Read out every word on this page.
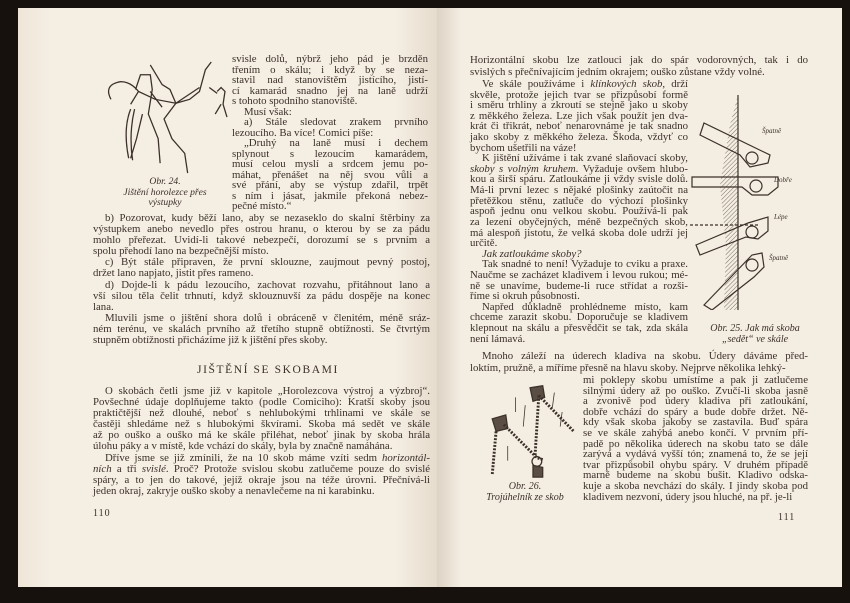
Obr. 24.
Jištění horolezce přes
výstupky
svisle dolů, nýbrž jeho pád je brzděn
třením o skálu; i když by se neza-
stavil nad stanovištěm jistícího, jistí-
cí kamarád snadno jej na laně udrží
s tohoto spodního stanoviště.
Musí však:
a) Stále sledovat zrakem prvního
lezoucího. Ba více! Comici píše:
„Druhý na laně musí i dechem
splynout s lezoucím kamarádem,
musí celou myslí a srdcem jemu po-
máhat, přenášet na něj svou vůli a
své přání, aby se výstup zdařil, trpět
s ním i jásat, jakmile překoná nebez-
pečné místo.“
b) Pozorovat, kudy běží lano, aby se nezaseklo do skalní štěrbiny za
výstupkem anebo nevedlo přes ostrou hranu, o kterou by se za pádu
mohlo přeřezat. Uvidí-li takové nebezpečí, dorozumí se s prvním a
spolu přehodí lano na bezpečnější místo.
c) Být stále připraven, že první sklouzne, zaujmout pevný postoj,
držet lano napjato, jistit přes rameno.
d) Dojde-li k pádu lezoucího, zachovat rozvahu, přitáhnout lano a
vší silou těla čelit trhnutí, když sklouznuvší za pádu dospěje na konec
lana.
Mluvili jsme o jištění shora dolů i obráceně v členitém, méně sráz-
ném terénu, ve skalách prvního až třetího stupně obtížnosti. Se čtvrtým
stupněm obtížnosti přicházíme již k jištění přes skoby.
JIŠTĚNÍ SE SKOBAMI
O skobách četli jsme již v kapitole „Horolezcova výstroj a výzbroj“.
Povšechné údaje doplňujeme takto (podle Comiciho): Kratší skoby jsou
praktičtější než dlouhé, neboť s nehlubokými trhlinami ve skále se
častěji shledáme než s hlubokými škvírami. Skoba má sedět ve skále
až po ouško a ouško má ke skále přiléhat, neboť jinak by skoba hrála
úlohu páky a v místě, kde vchází do skály, byla by značně namáhána.
Dříve jsme se již zmínili, že na 10 skob máme vzíti sedm horizontál-
ních a tři svislé. Proč? Protože svislou skobu zatlučeme pouze do svislé
spáry, a to jen do takové, jejíž okraje jsou na téže úrovni. Přečnívá-li
jeden okraj, zakryje ouško skoby a nenavlečeme na ni karabinku.
110
Horizontální skobu lze zatlouci jak do spár vodorovných, tak i do
svislých s přečnívajícím jedním okrajem; ouško zůstane vždy volné.
Ve skále používáme i klínkových skob, drží
skvěle, protože jejich tvar se přizpůsobí formě
i směru trhliny a zkroutí se stejně jako u skoby
z měkkého železa. Lze jich však použít jen dva-
krát či třikrát, neboť nenarovnáme je tak snadno
jako skoby z měkkého železa. Škoda, vždyť co
bychom ušetřili na váze!
K jištění užíváme i tak zvané slaňovací skoby,
skoby s volným kruhem. Vyžaduje ovšem hlubo-
kou a širší spáru. Zatloukáme ji vždy svisle dolů.
Má-li první lezec s nějaké plošinky zaútočit na
přetěžkou stěnu, zatluče do výchozí plošinky
aspoň jednu onu velkou skobu. Používá-li pak
za lezení obyčejných, méně bezpečných skob,
má alespoň jistotu, že velká skoba dole udrží jej
určitě.
Jak zatloukáme skoby?
Tak snadné to není! Vyžaduje to cviku a praxe.
Naučme se zacházet kladivem i levou rukou; mé-
ně se unavíme, budeme-li ruce střídat a rozši-
říme si okruh působnosti.
Napřed důkladně prohlédneme místo, kam
chceme zarazit skobu. Doporučuje se kladivem
klepnout na skálu a přesvědčit se tak, zda skála
není lámavá.
Špatně
Dobře
Lépe
Špatně
Obr. 25. Jak má skoba
„sedět“ ve skále
Mnoho záleží na úderech kladiva na skobu. Údery dáváme před-
loktím, pružně, a míříme přesně na hlavu skoby. Nejprve několika lehký-
Obr. 26.
Trojúhelník ze skob
mi poklepy skobu umístíme a pak ji zatlučeme
silnými údery až po ouško. Zvučí-li skoba jasně
a zvonivě pod údery kladiva při zatloukání,
dobře vchází do spáry a bude dobře držet. Ně-
kdy však skoba jakoby se zastavila. Buď spára
se ve skále zahýbá anebo končí. V prvním pří-
padě po několika úderech na skobu tato se dále
zarývá a vydává vyšší tón; znamená to, že se její
tvar přizpůsobil ohybu spáry. V druhém případě
marně budeme na skobu bušit. Kladivo odska-
kuje a skoba nevchází do skály. I jindy skoba pod
kladivem nezvoní, údery jsou hluché, na př. je-li
111
